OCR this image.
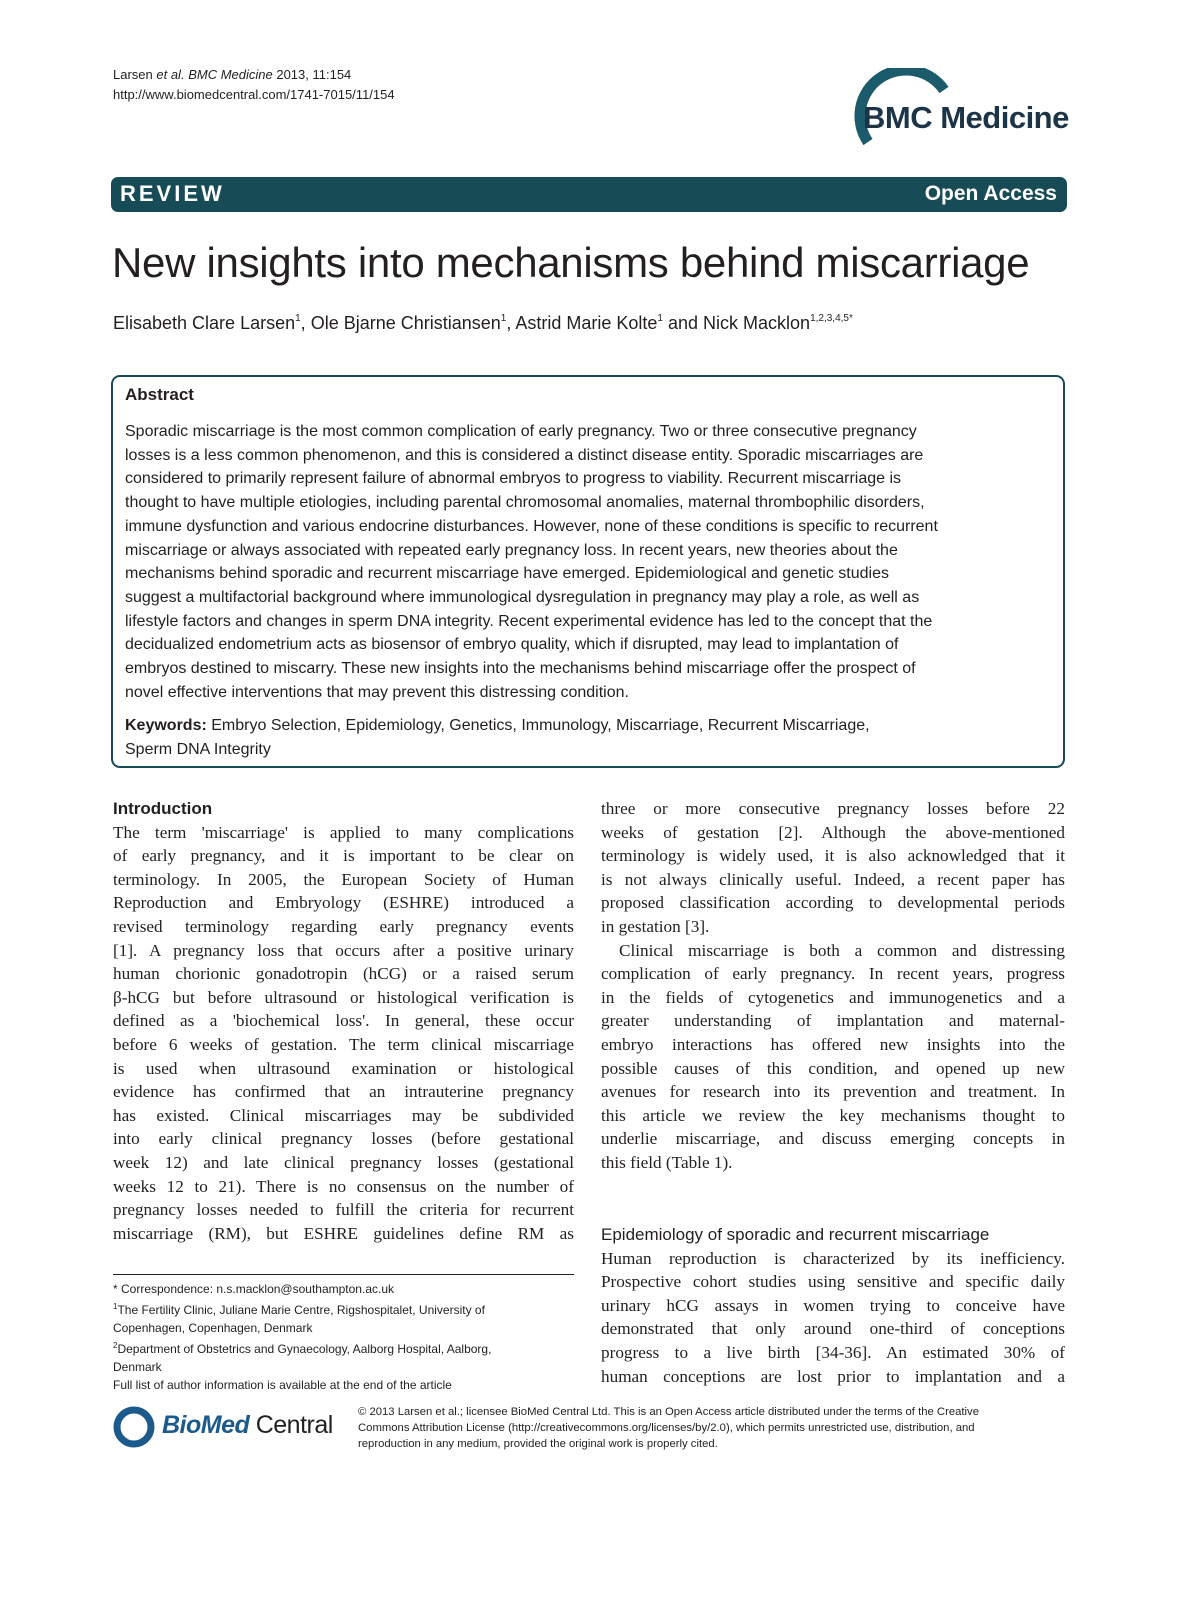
Larsen et al. BMC Medicine 2013, 11:154
http://www.biomedcentral.com/1741-7015/11/154
BMC Medicine
REVIEW	Open Access
New insights into mechanisms behind miscarriage
Elisabeth Clare Larsen$^1$, Ole Bjarne Christiansen$^1$, Astrid Marie Kolte$^1$ and Nick Macklon$^{1,2,3,4,5*}$
Abstract
Sporadic miscarriage is the most common complication of early pregnancy. Two or three consecutive pregnancy
losses is a less common phenomenon, and this is considered a distinct disease entity. Sporadic miscarriages are
considered to primarily represent failure of abnormal embryos to progress to viability. Recurrent miscarriage is
thought to have multiple etiologies, including parental chromosomal anomalies, maternal thrombophilic disorders,
immune dysfunction and various endocrine disturbances. However, none of these conditions is specific to recurrent
miscarriage or always associated with repeated early pregnancy loss. In recent years, new theories about the
mechanisms behind sporadic and recurrent miscarriage have emerged. Epidemiological and genetic studies
suggest a multifactorial background where immunological dysregulation in pregnancy may play a role, as well as
lifestyle factors and changes in sperm DNA integrity. Recent experimental evidence has led to the concept that the
decidualized endometrium acts as biosensor of embryo quality, which if disrupted, may lead to implantation of
embryos destined to miscarry. These new insights into the mechanisms behind miscarriage offer the prospect of
novel effective interventions that may prevent this distressing condition.
Keywords: Embryo Selection, Epidemiology, Genetics, Immunology, Miscarriage, Recurrent Miscarriage,
Sperm DNA Integrity
Introduction
The term 'miscarriage' is applied to many complications
of early pregnancy, and it is important to be clear on
terminology. In 2005, the European Society of Human
Reproduction and Embryology (ESHRE) introduced a
revised terminology regarding early pregnancy events
[1]. A pregnancy loss that occurs after a positive urinary
human chorionic gonadotropin (hCG) or a raised serum
β-hCG but before ultrasound or histological verification is
defined as a 'biochemical loss'. In general, these occur
before 6 weeks of gestation. The term clinical miscarriage
is used when ultrasound examination or histological
evidence has confirmed that an intrauterine pregnancy
has existed. Clinical miscarriages may be subdivided
into early clinical pregnancy losses (before gestational
week 12) and late clinical pregnancy losses (gestational
weeks 12 to 21). There is no consensus on the number of
pregnancy losses needed to fulfill the criteria for recurrent
miscarriage (RM), but ESHRE guidelines define RM as
three or more consecutive pregnancy losses before 22
weeks of gestation [2]. Although the above-mentioned
terminology is widely used, it is also acknowledged that it
is not always clinically useful. Indeed, a recent paper has
proposed classification according to developmental periods
in gestation [3].
Clinical miscarriage is both a common and distressing
complication of early pregnancy. In recent years, progress
in the fields of cytogenetics and immunogenetics and a
greater understanding of implantation and maternal-
embryo interactions has offered new insights into the
possible causes of this condition, and opened up new
avenues for research into its prevention and treatment. In
this article we review the key mechanisms thought to
underlie miscarriage, and discuss emerging concepts in
this field (Table 1).
Epidemiology of sporadic and recurrent miscarriage
Human reproduction is characterized by its inefficiency.
Prospective cohort studies using sensitive and specific daily
urinary hCG assays in women trying to conceive have
demonstrated that only around one-third of conceptions
progress to a live birth [34-36]. An estimated 30% of
human conceptions are lost prior to implantation and a
* Correspondence: n.s.macklon@southampton.ac.uk
$^1$The Fertility Clinic, Juliane Marie Centre, Rigshospitalet, University of
Copenhagen, Copenhagen, Denmark
$^2$Department of Obstetrics and Gynaecology, Aalborg Hospital, Aalborg,
Denmark
Full list of author information is available at the end of the article
BioMed Central © 2013 Larsen et al.; licensee BioMed Central Ltd. This is an Open Access article distributed under the terms of the Creative
Commons Attribution License (http://creativecommons.org/licenses/by/2.0), which permits unrestricted use, distribution, and
reproduction in any medium, provided the original work is properly cited.
